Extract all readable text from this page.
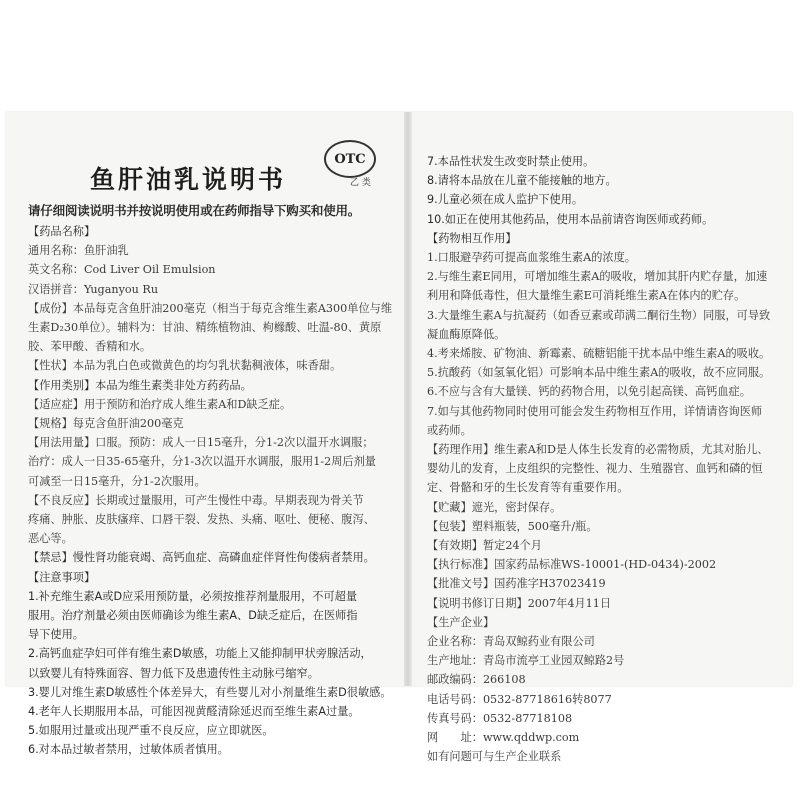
鱼肝油乳说明书
OTC
乙 类
请仔细阅读说明书并按说明使用或在药师指导下购买和使用。
【药品名称】
通用名称：鱼肝油乳
英文名称：Cod Liver Oil Emulsion
汉语拼音：Yuganyou Ru
【成份】本品每克含鱼肝油200毫克（相当于每克含维生素A300单位与维
生素D₂30单位）。辅料为：甘油、精练植物油、枸橼酸、吐温-80、黄原
胶、苯甲酸、香精和水。
【性状】本品为乳白色或微黄色的均匀乳状黏稠液体，味香甜。
【作用类别】本品为维生素类非处方药药品。
【适应症】用于预防和治疗成人维生素A和D缺乏症。
【规格】每克含鱼肝油200毫克
【用法用量】口服。预防：成人一日15毫升，分1-2次以温开水调服；
治疗：成人一日35-65毫升，分1-3次以温开水调服，服用1-2周后剂量
可减至一日15毫升，分1-2次服用。
【不良反应】长期或过量服用，可产生慢性中毒。早期表现为骨关节
疼痛、肿胀、皮肤瘙痒、口唇干裂、发热、头痛、呕吐、便秘、腹泻、
恶心等。
【禁忌】慢性肾功能衰竭、高钙血症、高磷血症伴肾性佝偻病者禁用。
【注意事项】
1.补充维生素A或D应采用预防量，必须按推荐剂量服用，不可超量
服用。治疗剂量必须由医师确诊为维生素A、D缺乏症后，在医师指
导下使用。
2.高钙血症孕妇可伴有维生素D敏感，功能上又能抑制甲状旁腺活动，
以致婴儿有特殊面容、智力低下及患遗传性主动脉弓缩窄。
3.婴儿对维生素D敏感性个体差异大，有些婴儿对小剂量维生素D很敏感。
4.老年人长期服用本品，可能因视黄醛清除延迟而至维生素A过量。
5.如服用过量或出现严重不良反应，应立即就医。
6.对本品过敏者禁用，过敏体质者慎用。
7.本品性状发生改变时禁止使用。
8.请将本品放在儿童不能接触的地方。
9.儿童必须在成人监护下使用。
10.如正在使用其他药品，使用本品前请咨询医师或药师。
【药物相互作用】
1.口服避孕药可提高血浆维生素A的浓度。
2.与维生素E同用，可增加维生素A的吸收，增加其肝内贮存量，加速
利用和降低毒性，但大量维生素E可消耗维生素A在体内的贮存。
3.大量维生素A与抗凝药（如香豆素或茚满二酮衍生物）同服，可导致
凝血酶原降低。
4.考来烯胺、矿物油、新霉素、硫糖铝能干扰本品中维生素A的吸收。
5.抗酸药（如氢氧化铝）可影响本品中维生素A的吸收，故不应同服。
6.不应与含有大量镁、钙的药物合用，以免引起高镁、高钙血症。
7.如与其他药物同时使用可能会发生药物相互作用，详情请咨询医师
或药师。
【药理作用】维生素A和D是人体生长发育的必需物质，尤其对胎儿、
婴幼儿的发育，上皮组织的完整性、视力、生殖器官、血钙和磷的恒
定、骨骼和牙的生长发育等有重要作用。
【贮藏】遮光，密封保存。
【包装】塑料瓶装，500毫升/瓶。
【有效期】暂定24个月
【执行标准】国家药品标准WS-10001-(HD-0434)-2002
【批准文号】国药准字H37023419
【说明书修订日期】2007年4月11日
【生产企业】
企业名称：青岛双鲸药业有限公司
生产地址：青岛市流亭工业园双鲸路2号
邮政编码：266108
电话号码：0532-87718616转8077
传真号码：0532-87718108
网　　址：www.qddwp.com
如有问题可与生产企业联系
